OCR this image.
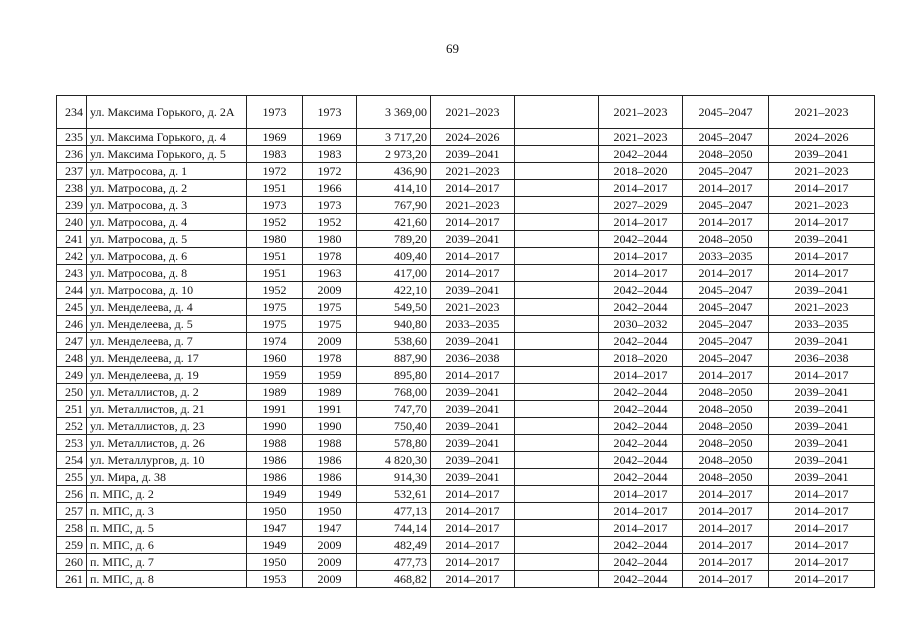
69
234	ул. Максима Горького, д. 2А	1973	1973	3 369,00	2021–2023		2021–2023	2045–2047	2021–2023
235	ул. Максима Горького, д. 4	1969	1969	3 717,20	2024–2026		2021–2023	2045–2047	2024–2026
236	ул. Максима Горького, д. 5	1983	1983	2 973,20	2039–2041		2042–2044	2048–2050	2039–2041
237	ул. Матросова, д. 1	1972	1972	436,90	2021–2023		2018–2020	2045–2047	2021–2023
238	ул. Матросова, д. 2	1951	1966	414,10	2014–2017		2014–2017	2014–2017	2014–2017
239	ул. Матросова, д. 3	1973	1973	767,90	2021–2023		2027–2029	2045–2047	2021–2023
240	ул. Матросова, д. 4	1952	1952	421,60	2014–2017		2014–2017	2014–2017	2014–2017
241	ул. Матросова, д. 5	1980	1980	789,20	2039–2041		2042–2044	2048–2050	2039–2041
242	ул. Матросова, д. 6	1951	1978	409,40	2014–2017		2014–2017	2033–2035	2014–2017
243	ул. Матросова, д. 8	1951	1963	417,00	2014–2017		2014–2017	2014–2017	2014–2017
244	ул. Матросова, д. 10	1952	2009	422,10	2039–2041		2042–2044	2045–2047	2039–2041
245	ул. Менделеева, д. 4	1975	1975	549,50	2021–2023		2042–2044	2045–2047	2021–2023
246	ул. Менделеева, д. 5	1975	1975	940,80	2033–2035		2030–2032	2045–2047	2033–2035
247	ул. Менделеева, д. 7	1974	2009	538,60	2039–2041		2042–2044	2045–2047	2039–2041
248	ул. Менделеева, д. 17	1960	1978	887,90	2036–2038		2018–2020	2045–2047	2036–2038
249	ул. Менделеева, д. 19	1959	1959	895,80	2014–2017		2014–2017	2014–2017	2014–2017
250	ул. Металлистов, д. 2	1989	1989	768,00	2039–2041		2042–2044	2048–2050	2039–2041
251	ул. Металлистов, д. 21	1991	1991	747,70	2039–2041		2042–2044	2048–2050	2039–2041
252	ул. Металлистов, д. 23	1990	1990	750,40	2039–2041		2042–2044	2048–2050	2039–2041
253	ул. Металлистов, д. 26	1988	1988	578,80	2039–2041		2042–2044	2048–2050	2039–2041
254	ул. Металлургов, д. 10	1986	1986	4 820,30	2039–2041		2042–2044	2048–2050	2039–2041
255	ул. Мира, д. 38	1986	1986	914,30	2039–2041		2042–2044	2048–2050	2039–2041
256	п. МПС, д. 2	1949	1949	532,61	2014–2017		2014–2017	2014–2017	2014–2017
257	п. МПС, д. 3	1950	1950	477,13	2014–2017		2014–2017	2014–2017	2014–2017
258	п. МПС, д. 5	1947	1947	744,14	2014–2017		2014–2017	2014–2017	2014–2017
259	п. МПС, д. 6	1949	2009	482,49	2014–2017		2042–2044	2014–2017	2014–2017
260	п. МПС, д. 7	1950	2009	477,73	2014–2017		2042–2044	2014–2017	2014–2017
261	п. МПС, д. 8	1953	2009	468,82	2014–2017		2042–2044	2014–2017	2014–2017
